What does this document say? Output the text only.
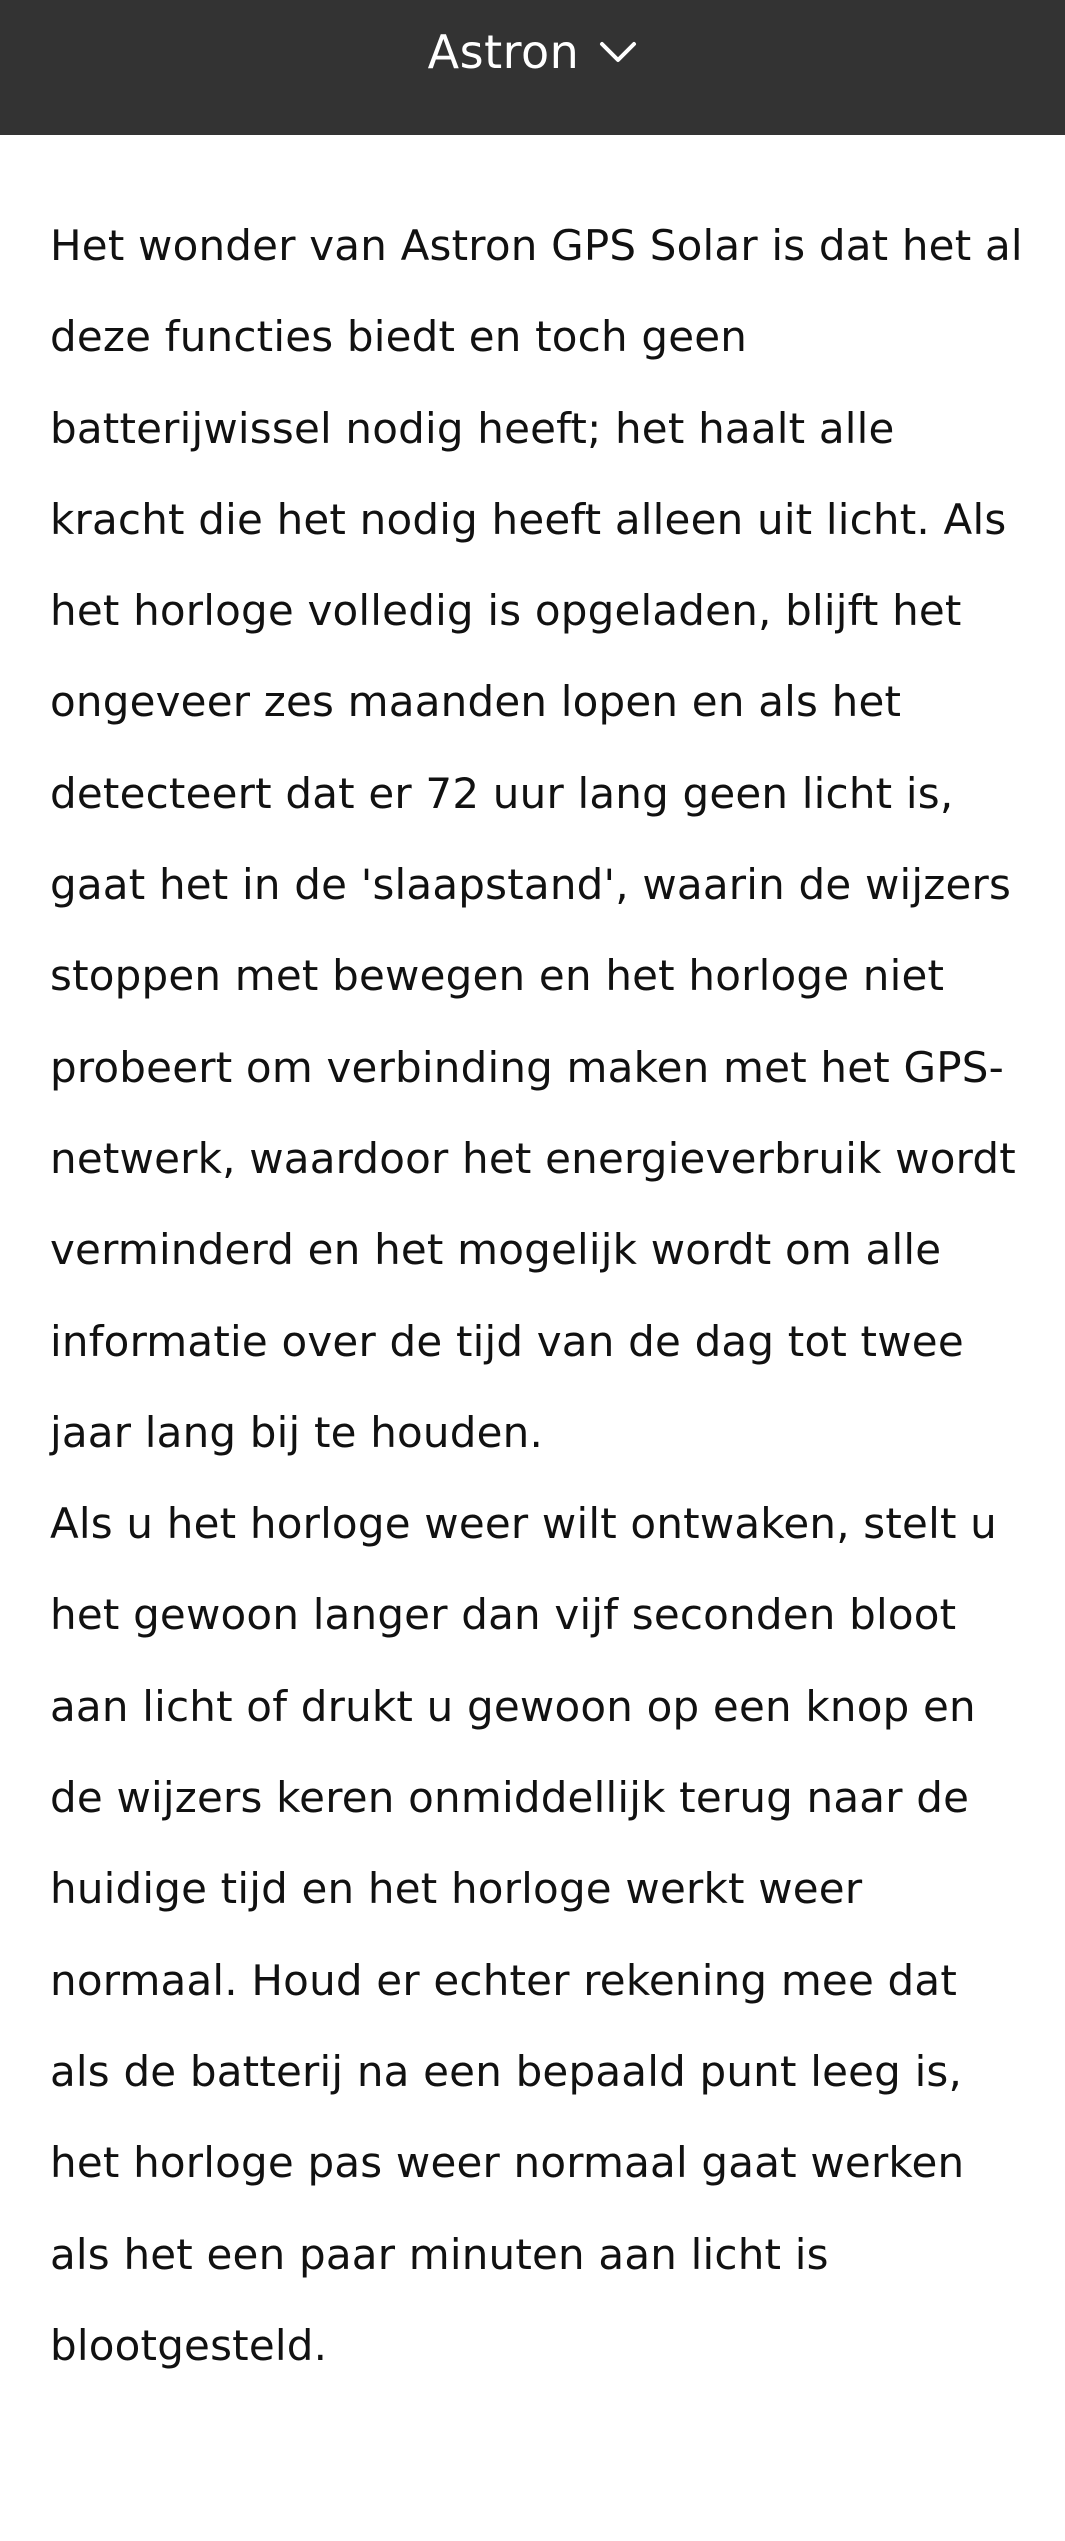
Astron

Het wonder van Astron GPS Solar is dat het al deze functies biedt en toch geen batterijwissel nodig heeft; het haalt alle kracht die het nodig heeft alleen uit licht. Als het horloge volledig is opgeladen, blijft het ongeveer zes maanden lopen en als het detecteert dat er 72 uur lang geen licht is, gaat het in de 'slaapstand', waarin de wijzers stoppen met bewegen en het horloge niet probeert om verbinding maken met het GPS-netwerk, waardoor het energieverbruik wordt verminderd en het mogelijk wordt om alle informatie over de tijd van de dag tot twee jaar lang bij te houden.

Als u het horloge weer wilt ontwaken, stelt u het gewoon langer dan vijf seconden bloot aan licht of drukt u gewoon op een knop en de wijzers keren onmiddellijk terug naar de huidige tijd en het horloge werkt weer normaal. Houd er echter rekening mee dat als de batterij na een bepaald punt leeg is, het horloge pas weer normaal gaat werken als het een paar minuten aan licht is blootgesteld.
